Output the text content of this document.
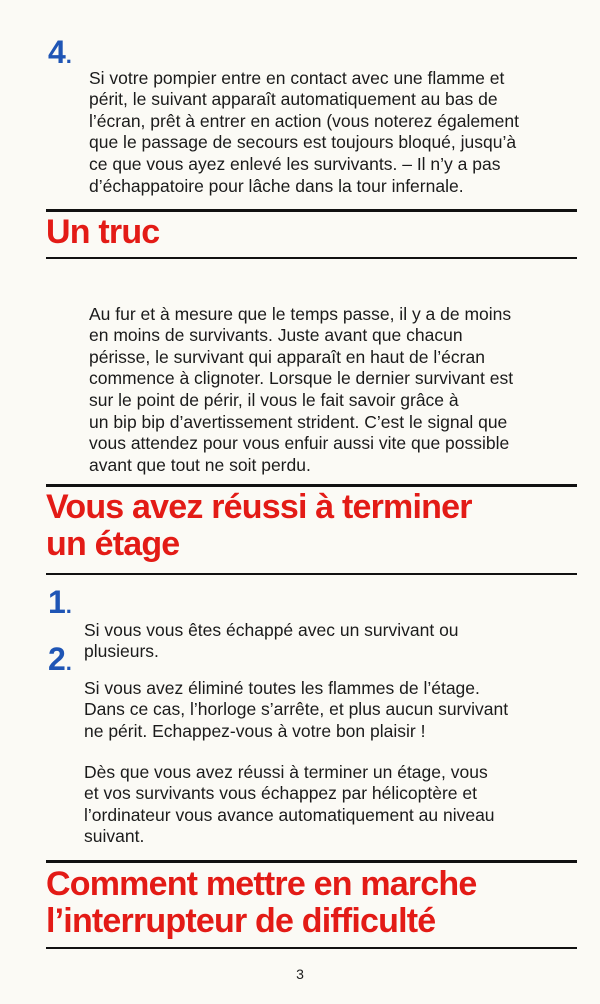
4.

Si votre pompier entre en contact avec une flamme et
périt, le suivant apparaît automatiquement au bas de
l’écran, prêt à entrer en action (vous noterez également
que le passage de secours est toujours bloqué, jusqu’à
ce que vous ayez enlevé les survivants. – Il n’y a pas
d’échappatoire pour lâche dans la tour infernale.

Un truc

Au fur et à mesure que le temps passe, il y a de moins
en moins de survivants. Juste avant que chacun
périsse, le survivant qui apparaît en haut de l’écran
commence à clignoter. Lorsque le dernier survivant est
sur le point de périr, il vous le fait savoir grâce à
un bip bip d’avertissement strident. C’est le signal que
vous attendez pour vous enfuir aussi vite que possible
avant que tout ne soit perdu.

Vous avez réussi à terminer
un étage
1.

Si vous vous êtes échappé avec un survivant ou
plusieurs.

2.

Si vous avez éliminé toutes les flammes de l’étage.
Dans ce cas, l’horloge s’arrête, et plus aucun survivant
ne périt. Echappez-vous à votre bon plaisir !

Dès que vous avez réussi à terminer un étage, vous
et vos survivants vous échappez par hélicoptère et
l’ordinateur vous avance automatiquement au niveau
suivant.

Comment mettre en marche
l’interrupteur de difficulté
3
